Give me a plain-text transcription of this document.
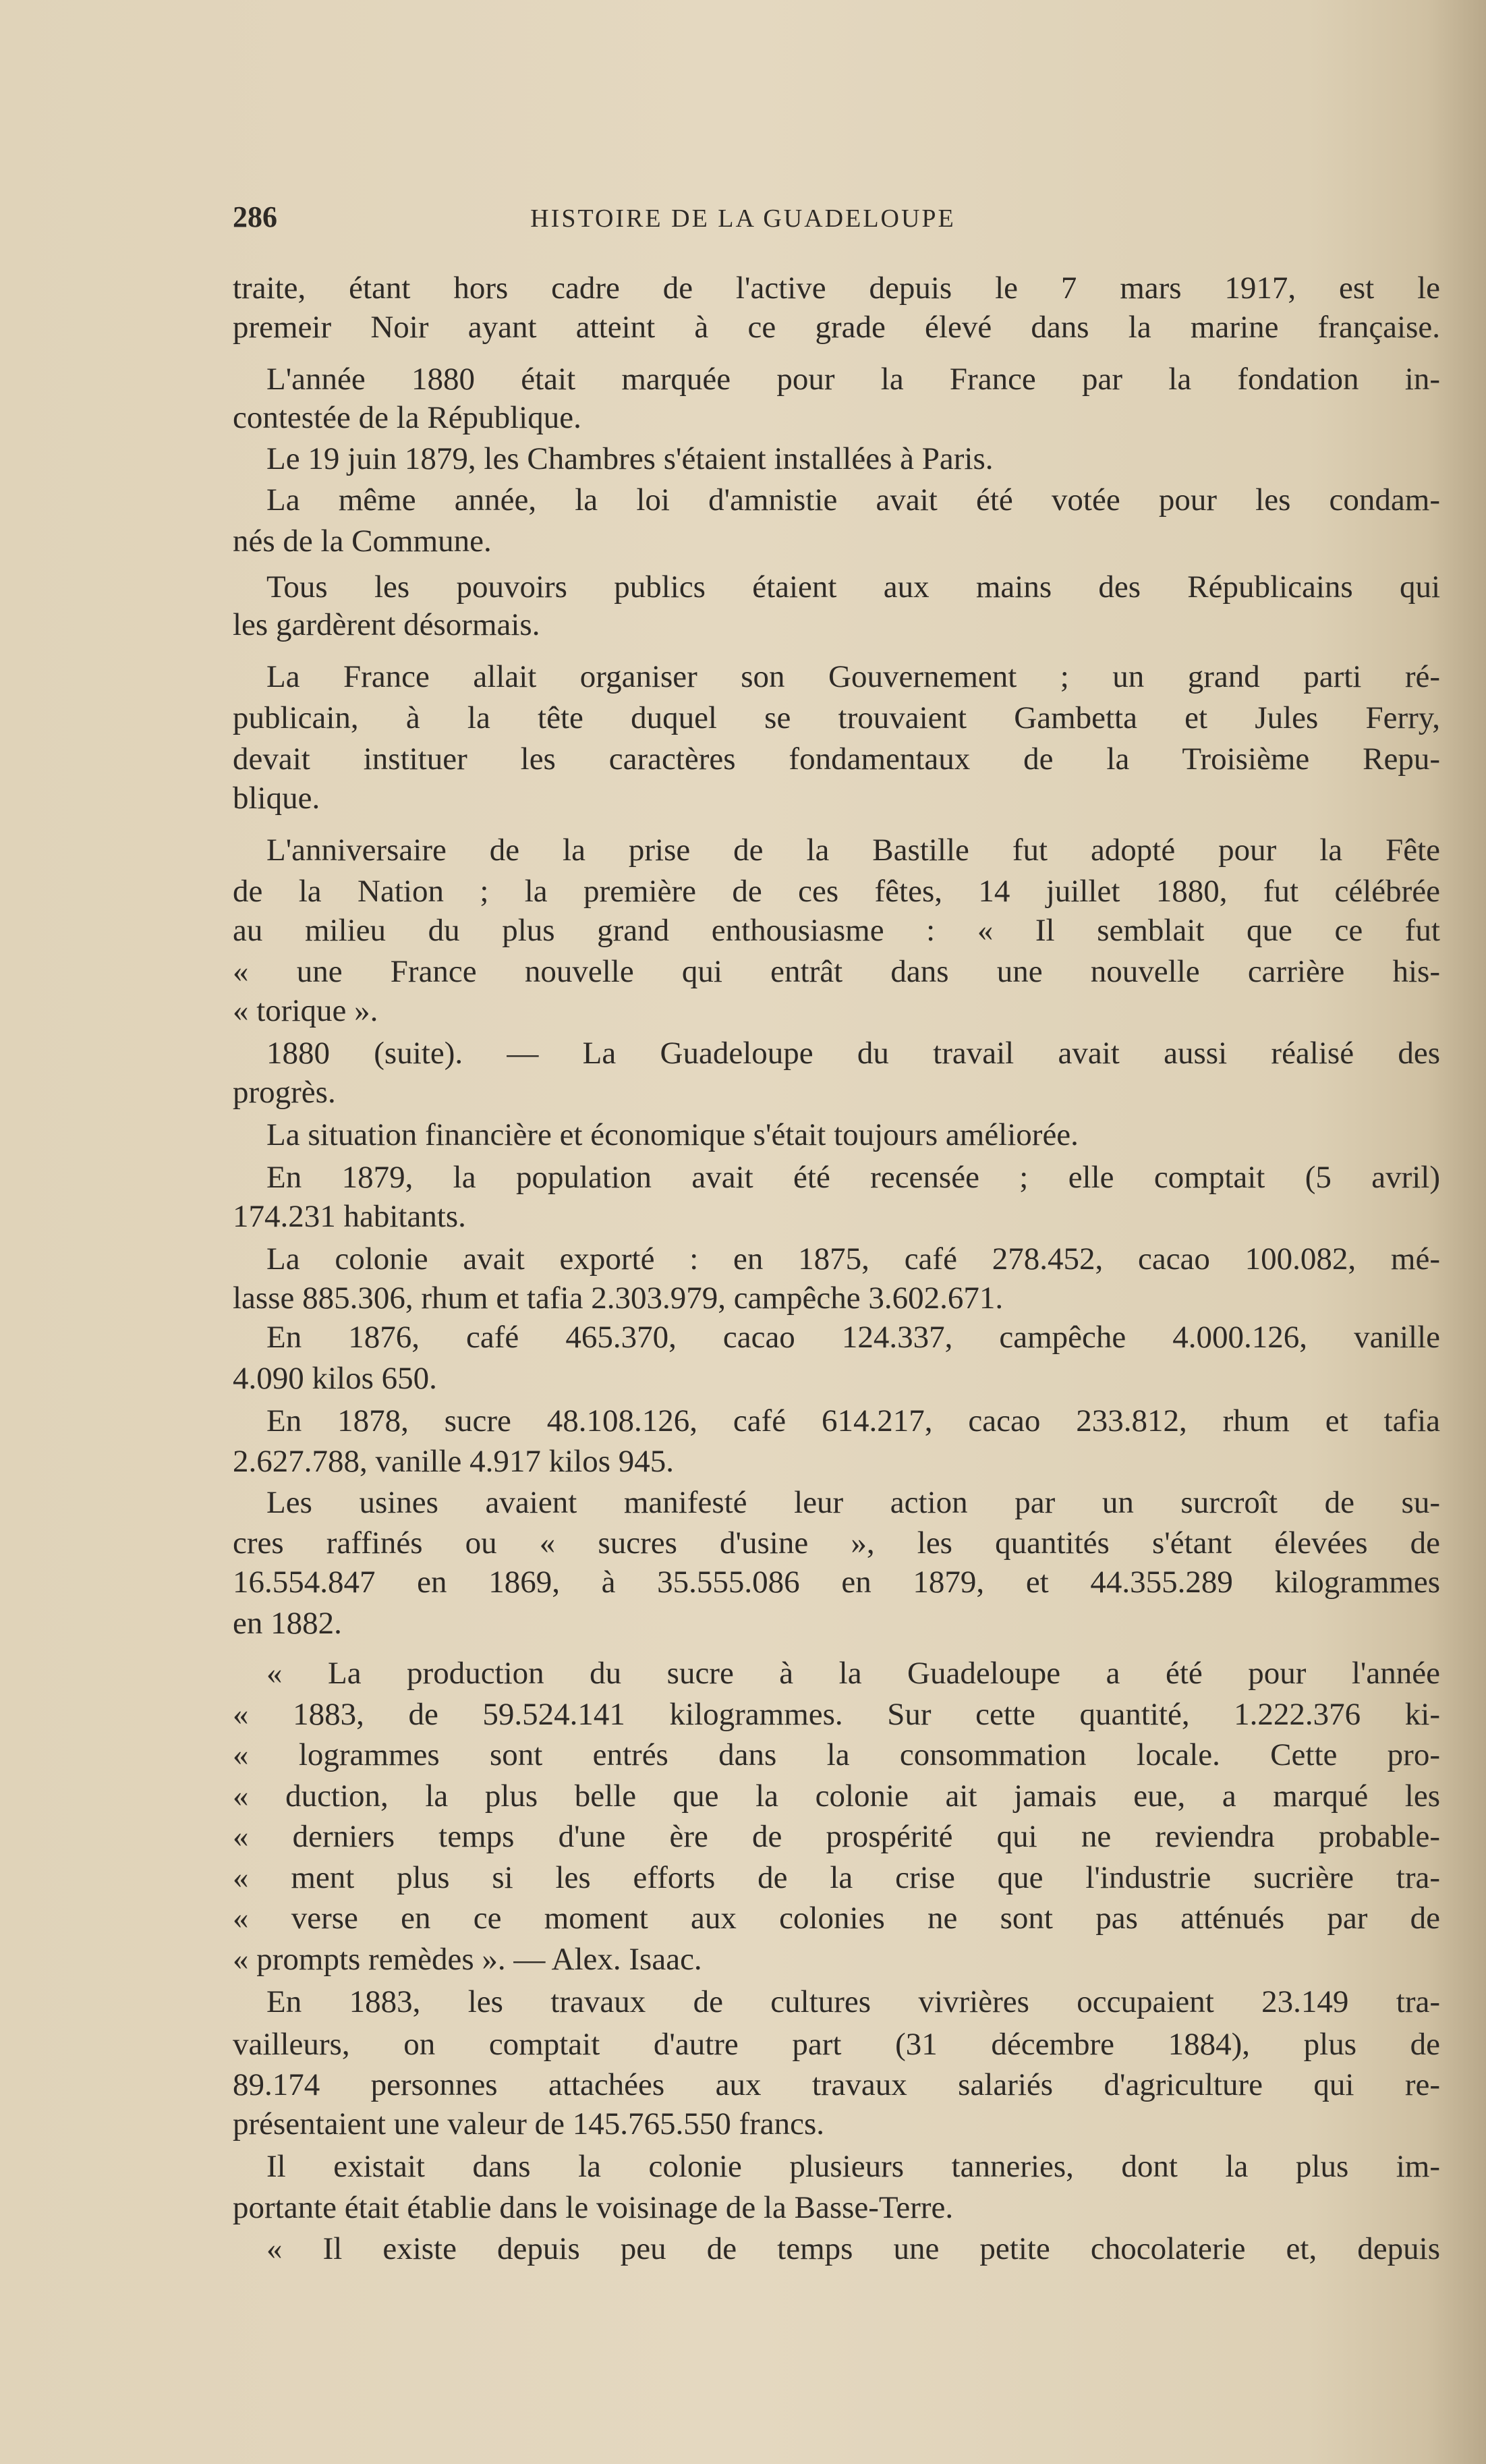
286	HISTOIRE DE LA GUADELOUPE
traite, étant hors cadre de l'active depuis le 7 mars 1917, est le
premeir Noir ayant atteint à ce grade élevé dans la marine française.
L'année 1880 était marquée pour la France par la fondation in-
contestée de la République.
Le 19 juin 1879, les Chambres s'étaient installées à Paris.
La même année, la loi d'amnistie avait été votée pour les condam-
nés de la Commune.
Tous les pouvoirs publics étaient aux mains des Républicains qui
les gardèrent désormais.
La France allait organiser son Gouvernement ; un grand parti ré-
publicain, à la tête duquel se trouvaient Gambetta et Jules Ferry,
devait instituer les caractères fondamentaux de la Troisième Repu-
blique.
L'anniversaire de la prise de la Bastille fut adopté pour la Fête
de la Nation ; la première de ces fêtes, 14 juillet 1880, fut célébrée
au milieu du plus grand enthousiasme : « Il semblait que ce fut
« une France nouvelle qui entrât dans une nouvelle carrière his-
« torique ».
1880 (suite). — La Guadeloupe du travail avait aussi réalisé des
progrès.
La situation financière et économique s'était toujours améliorée.
En 1879, la population avait été recensée ; elle comptait (5 avril)
174.231 habitants.
La colonie avait exporté : en 1875, café 278.452, cacao 100.082, mé-
lasse 885.306, rhum et tafia 2.303.979, campêche 3.602.671.
En 1876, café 465.370, cacao 124.337, campêche 4.000.126, vanille
4.090 kilos 650.
En 1878, sucre 48.108.126, café 614.217, cacao 233.812, rhum et tafia
2.627.788, vanille 4.917 kilos 945.
Les usines avaient manifesté leur action par un surcroît de su-
cres raffinés ou « sucres d'usine », les quantités s'étant élevées de
16.554.847 en 1869, à 35.555.086 en 1879, et 44.355.289 kilogrammes
en 1882.
« La production du sucre à la Guadeloupe a été pour l'année
« 1883, de 59.524.141 kilogrammes. Sur cette quantité, 1.222.376 ki-
« logrammes sont entrés dans la consommation locale. Cette pro-
« duction, la plus belle que la colonie ait jamais eue, a marqué les
« derniers temps d'une ère de prospérité qui ne reviendra probable-
« ment plus si les efforts de la crise que l'industrie sucrière tra-
« verse en ce moment aux colonies ne sont pas atténués par de
« prompts remèdes ». — Alex. Isaac.
En 1883, les travaux de cultures vivrières occupaient 23.149 tra-
vailleurs, on comptait d'autre part (31 décembre 1884), plus de
89.174 personnes attachées aux travaux salariés d'agriculture qui re-
présentaient une valeur de 145.765.550 francs.
Il existait dans la colonie plusieurs tanneries, dont la plus im-
portante était établie dans le voisinage de la Basse-Terre.
« Il existe depuis peu de temps une petite chocolaterie et, depuis
